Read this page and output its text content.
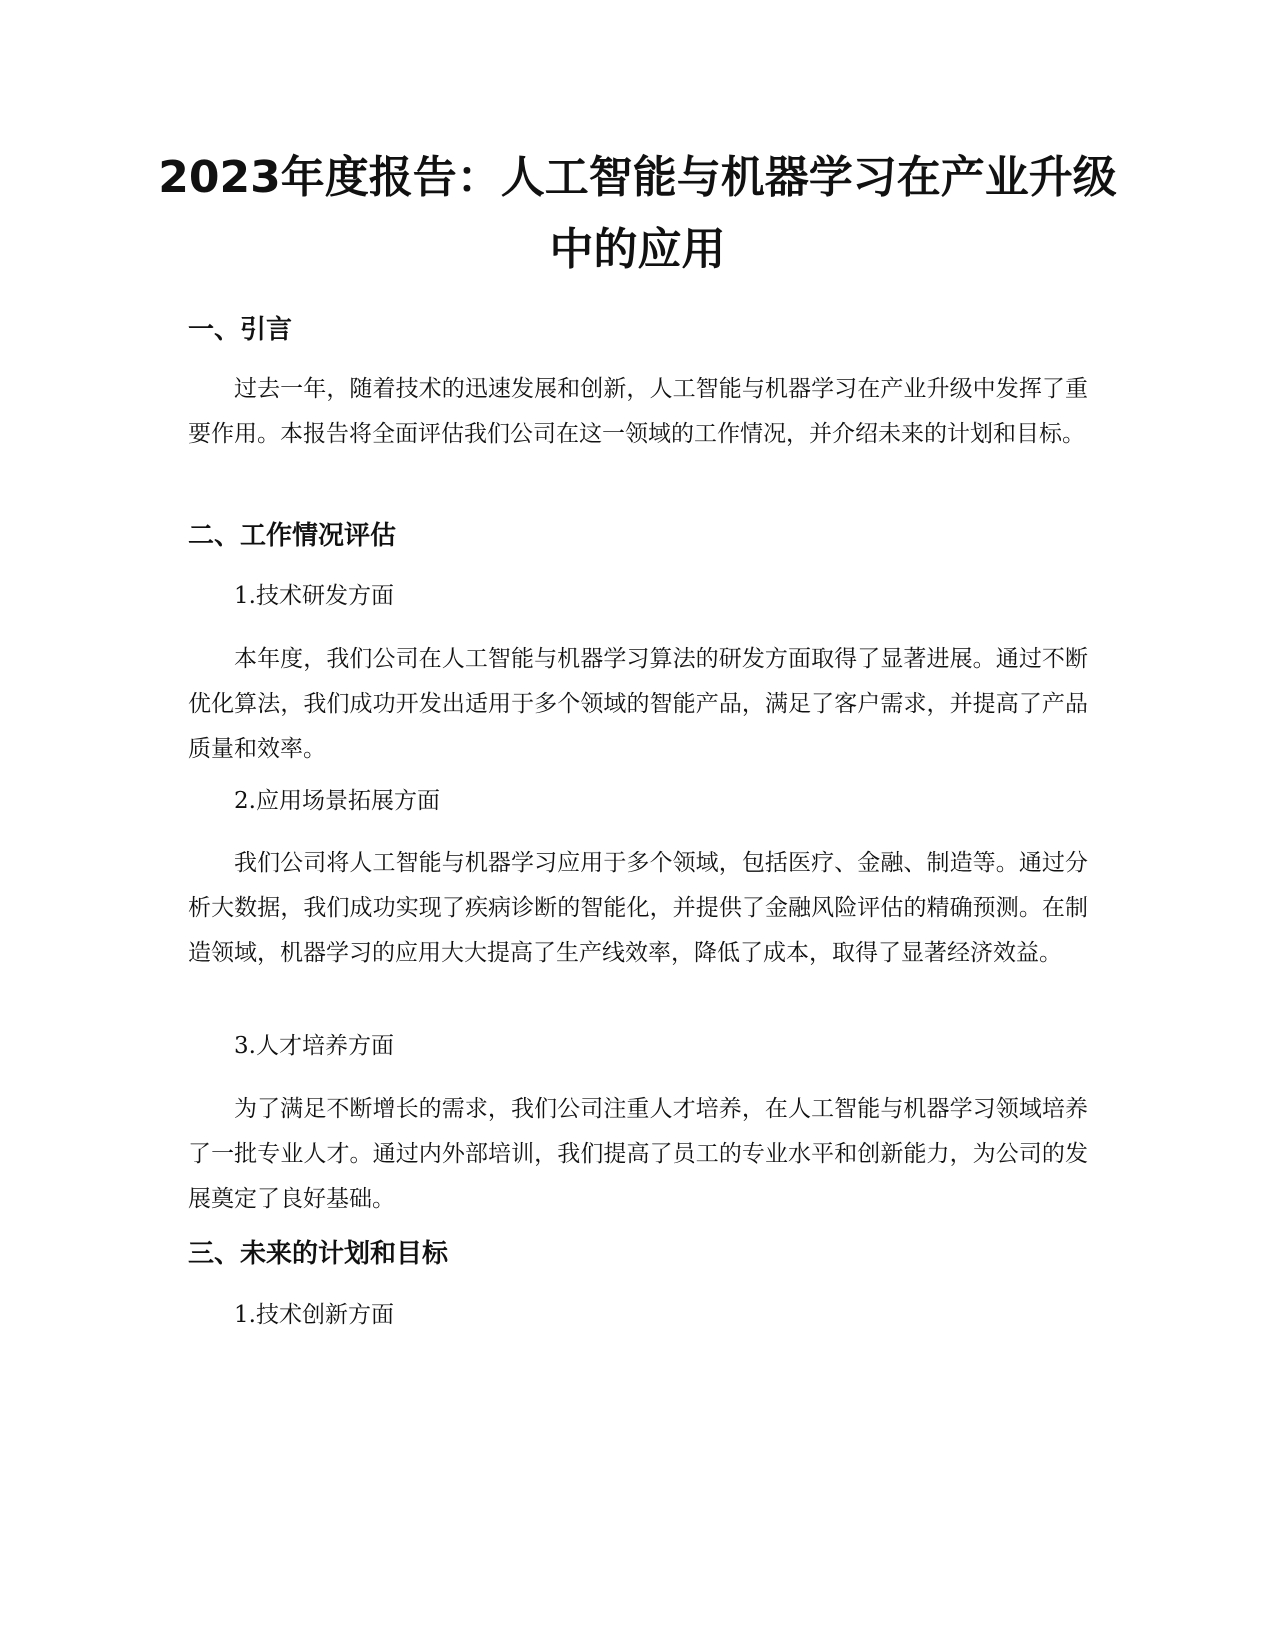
2023年度报告：人工智能与机器学习在产业升级中的应用
一、引言

过去一年，随着技术的迅速发展和创新，人工智能与机器学习在产业升级中发挥了重要作用。本报告将全面评估我们公司在这一领域的工作情况，并介绍未来的计划和目标。

二、工作情况评估

1.技术研发方面

本年度，我们公司在人工智能与机器学习算法的研发方面取得了显著进展。通过不断优化算法，我们成功开发出适用于多个领域的智能产品，满足了客户需求，并提高了产品质量和效率。

2.应用场景拓展方面

我们公司将人工智能与机器学习应用于多个领域，包括医疗、金融、制造等。通过分析大数据，我们成功实现了疾病诊断的智能化，并提供了金融风险评估的精确预测。在制造领域，机器学习的应用大大提高了生产线效率，降低了成本，取得了显著经济效益。

3.人才培养方面

为了满足不断增长的需求，我们公司注重人才培养，在人工智能与机器学习领域培养了一批专业人才。通过内外部培训，我们提高了员工的专业水平和创新能力，为公司的发展奠定了良好基础。

三、未来的计划和目标

1.技术创新方面
